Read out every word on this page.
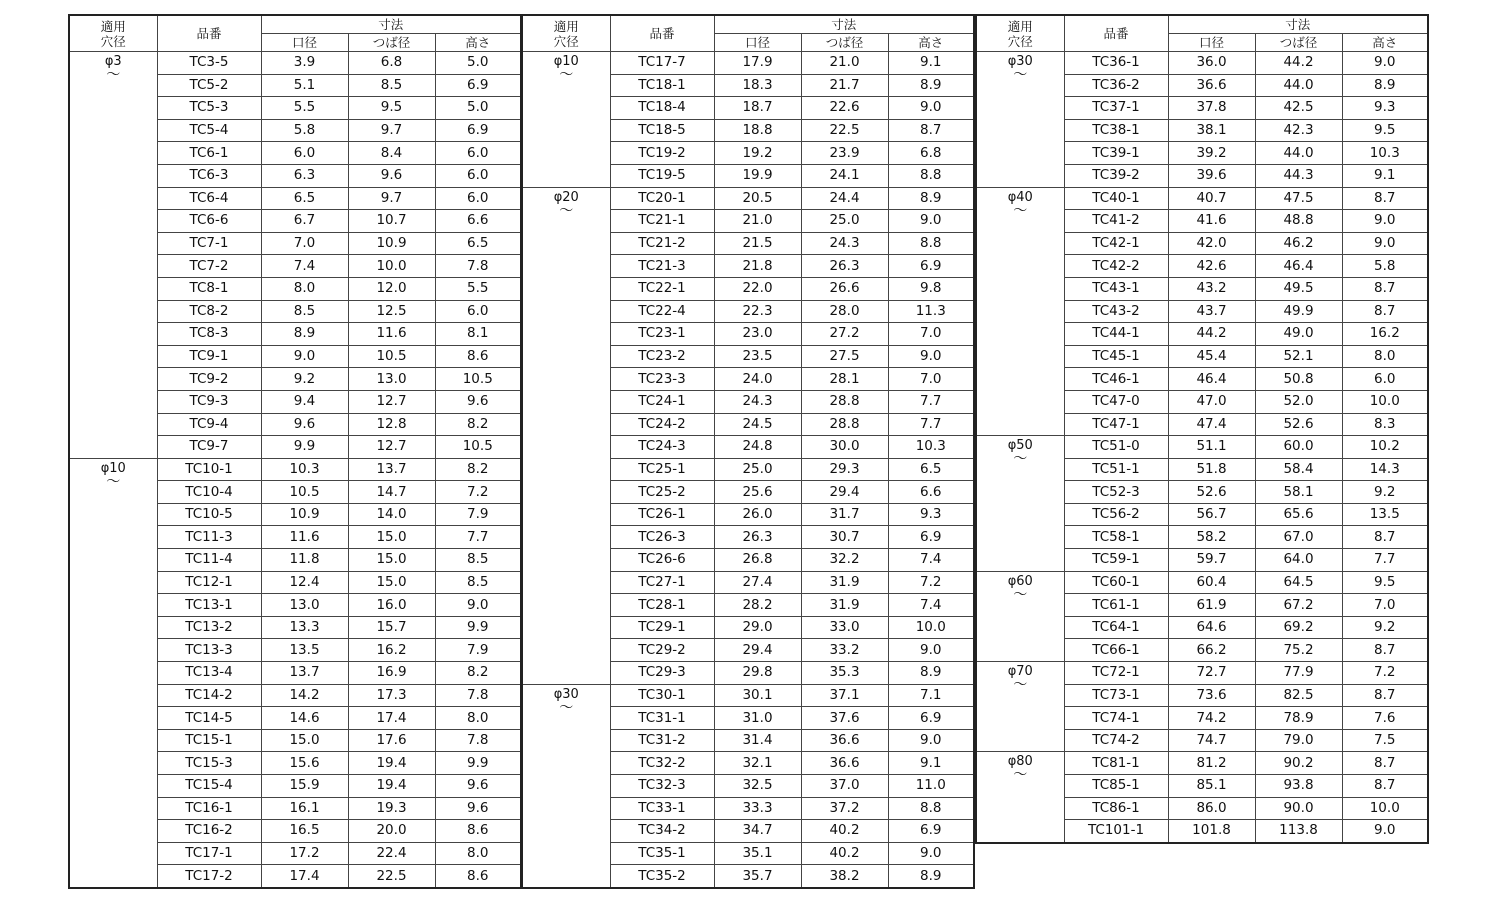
適用
穴径	品番	寸法		
		口径	つば径	高さ
φ3
～	TC3-5	3.9	6.8	5.0
	TC5-2	5.1	8.5	6.9
	TC5-3	5.5	9.5	5.0
	TC5-4	5.8	9.7	6.9
	TC6-1	6.0	8.4	6.0
	TC6-3	6.3	9.6	6.0
	TC6-4	6.5	9.7	6.0
	TC6-6	6.7	10.7	6.6
	TC7-1	7.0	10.9	6.5
	TC7-2	7.4	10.0	7.8
	TC8-1	8.0	12.0	5.5
	TC8-2	8.5	12.5	6.0
	TC8-3	8.9	11.6	8.1
	TC9-1	9.0	10.5	8.6
	TC9-2	9.2	13.0	10.5
	TC9-3	9.4	12.7	9.6
	TC9-4	9.6	12.8	8.2
	TC9-7	9.9	12.7	10.5
φ10
～	TC10-1	10.3	13.7	8.2
	TC10-4	10.5	14.7	7.2
	TC10-5	10.9	14.0	7.9
	TC11-3	11.6	15.0	7.7
	TC11-4	11.8	15.0	8.5
	TC12-1	12.4	15.0	8.5
	TC13-1	13.0	16.0	9.0
	TC13-2	13.3	15.7	9.9
	TC13-3	13.5	16.2	7.9
	TC13-4	13.7	16.9	8.2
	TC14-2	14.2	17.3	7.8
	TC14-5	14.6	17.4	8.0
	TC15-1	15.0	17.6	7.8
	TC15-3	15.6	19.4	9.9
	TC15-4	15.9	19.4	9.6
	TC16-1	16.1	19.3	9.6
	TC16-2	16.5	20.0	8.6
	TC17-1	17.2	22.4	8.0
	TC17-2	17.4	22.5	8.6
適用
穴径	品番	寸法		
		口径	つば径	高さ
φ10
～	TC17-7	17.9	21.0	9.1
	TC18-1	18.3	21.7	8.9
	TC18-4	18.7	22.6	9.0
	TC18-5	18.8	22.5	8.7
	TC19-2	19.2	23.9	6.8
	TC19-5	19.9	24.1	8.8
φ20
～	TC20-1	20.5	24.4	8.9
	TC21-1	21.0	25.0	9.0
	TC21-2	21.5	24.3	8.8
	TC21-3	21.8	26.3	6.9
	TC22-1	22.0	26.6	9.8
	TC22-4	22.3	28.0	11.3
	TC23-1	23.0	27.2	7.0
	TC23-2	23.5	27.5	9.0
	TC23-3	24.0	28.1	7.0
	TC24-1	24.3	28.8	7.7
	TC24-2	24.5	28.8	7.7
	TC24-3	24.8	30.0	10.3
	TC25-1	25.0	29.3	6.5
	TC25-2	25.6	29.4	6.6
	TC26-1	26.0	31.7	9.3
	TC26-3	26.3	30.7	6.9
	TC26-6	26.8	32.2	7.4
	TC27-1	27.4	31.9	7.2
	TC28-1	28.2	31.9	7.4
	TC29-1	29.0	33.0	10.0
	TC29-2	29.4	33.2	9.0
	TC29-3	29.8	35.3	8.9
φ30
～	TC30-1	30.1	37.1	7.1
	TC31-1	31.0	37.6	6.9
	TC31-2	31.4	36.6	9.0
	TC32-2	32.1	36.6	9.1
	TC32-3	32.5	37.0	11.0
	TC33-1	33.3	37.2	8.8
	TC34-2	34.7	40.2	6.9
	TC35-1	35.1	40.2	9.0
	TC35-2	35.7	38.2	8.9
適用
穴径	品番	寸法		
		口径	つば径	高さ
φ30
～	TC36-1	36.0	44.2	9.0
	TC36-2	36.6	44.0	8.9
	TC37-1	37.8	42.5	9.3
	TC38-1	38.1	42.3	9.5
	TC39-1	39.2	44.0	10.3
	TC39-2	39.6	44.3	9.1
φ40
～	TC40-1	40.7	47.5	8.7
	TC41-2	41.6	48.8	9.0
	TC42-1	42.0	46.2	9.0
	TC42-2	42.6	46.4	5.8
	TC43-1	43.2	49.5	8.7
	TC43-2	43.7	49.9	8.7
	TC44-1	44.2	49.0	16.2
	TC45-1	45.4	52.1	8.0
	TC46-1	46.4	50.8	6.0
	TC47-0	47.0	52.0	10.0
	TC47-1	47.4	52.6	8.3
φ50
～	TC51-0	51.1	60.0	10.2
	TC51-1	51.8	58.4	14.3
	TC52-3	52.6	58.1	9.2
	TC56-2	56.7	65.6	13.5
	TC58-1	58.2	67.0	8.7
	TC59-1	59.7	64.0	7.7
φ60
～	TC60-1	60.4	64.5	9.5
	TC61-1	61.9	67.2	7.0
	TC64-1	64.6	69.2	9.2
	TC66-1	66.2	75.2	8.7
φ70
～	TC72-1	72.7	77.9	7.2
	TC73-1	73.6	82.5	8.7
	TC74-1	74.2	78.9	7.6
	TC74-2	74.7	79.0	7.5
φ80
～	TC81-1	81.2	90.2	8.7
	TC85-1	85.1	93.8	8.7
	TC86-1	86.0	90.0	10.0
	TC101-1	101.8	113.8	9.0
